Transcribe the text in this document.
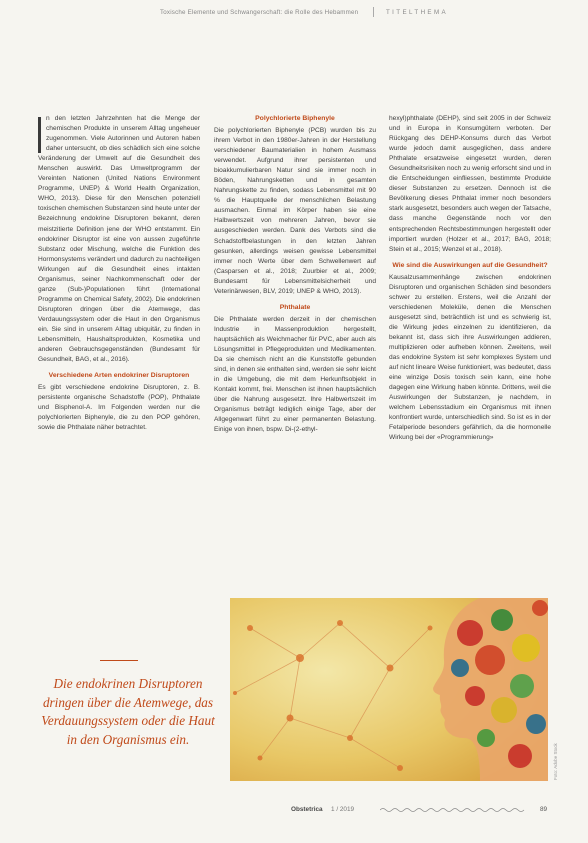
Toxische Elemente und Schwangerschaft: die Rolle des Hebammen	TITELTHEMA

n den letzten Jahrzehnten hat die Menge der chemischen Produkte in unserem Alltag ungeheuer zugenommen. Viele Autorinnen und Autoren haben daher untersucht, ob dies schädlich sich eine solche Veränderung der Umwelt auf die Gesundheit des Menschen auswirkt. Das Umweltprogramm der Vereinten Nationen (United Nations Environment Programme, UNEP) & World Health Organization, WHO, 2013). Diese für den Menschen potenziell toxischen chemischen Substanzen sind heute unter der Bezeichnung endokrine Disruptoren bekannt, deren meistzitierte Definition jene der WHO entstammt. Ein endokriner Disruptor ist eine von aussen zugeführte Substanz oder Mischung, welche die Funktion des Hormonsystems verändert und dadurch zu nachteiligen Wirkungen auf die Gesundheit eines intakten Organismus, seiner Nachkommenschaft oder der ganze (Sub-)Populationen führt (International Programme on Chemical Safety, 2002). Die endokrinen Disruptoren dringen über die Atemwege, das Verdauungssystem oder die Haut in den Organismus ein. Sie sind in unserem Alltag ubiquitär, zu finden in Lebensmitteln, Haushaltsprodukten, Kosmetika und anderen Gebrauchsgegenständen (Bundesamt für Gesundheit, BAG, et al., 2016).

Verschiedene Arten endokriner Disruptoren

Es gibt verschiedene endokrine Disruptoren, z. B. persistente organische Schadstoffe (POP), Phthalate und Bisphenol-A. Im Folgenden werden nur die polychlorierten Biphenyle, die zu den POP gehören, sowie die Phthalate näher betrachtet.

Polychlorierte Biphenyle

Die polychlorierten Biphenyle (PCB) wurden bis zu ihrem Verbot in den 1980er-Jahren in der Herstellung verschiedener Baumaterialien in hohem Ausmass verwendet. Aufgrund ihrer persistenten und bioakkumulierbaren Natur sind sie immer noch in Böden, Nahrungsketten und in gesamten Nahrungskette zu finden, sodass Lebensmittel mit 90 % die Hauptquelle der menschlichen Belastung ausmachen. Einmal im Körper haben sie eine Halbwertszeit von mehreren Jahren, bevor sie ausgeschieden werden. Dank des Verbots sind die Schadstoffbelastungen in den letzten Jahren gesunken, allerdings weisen gewisse Lebensmittel immer noch Werte über dem Schwellenwert auf (Casparsen et al., 2018; Zuurbier et al., 2009; Bundesamt für Lebensmittelsicherheit und Veterinärwesen, BLV, 2019; UNEP & WHO, 2013).

Phthalate

Die Phthalate werden derzeit in der chemischen Industrie in Massenproduktion hergestellt, hauptsächlich als Weichmacher für PVC, aber auch als Lösungsmittel in Pflegeprodukten und Medikamenten. Da sie chemisch nicht an die Kunststoffe gebunden sind, in denen sie enthalten sind, werden sie sehr leicht in die Umgebung, die mit dem Herkunftsobjekt in Kontakt kommt, frei. Menschen ist ihnen hauptsächlich über die Nahrung ausgesetzt. Ihre Halbwertszeit im Organismus beträgt lediglich einige Tage, aber der Allgegenwart führt zu einer permanenten Belastung. Einige von ihnen, bspw. Di-(2-ethyl-

hexyl)phthalate (DEHP), sind seit 2005 in der Schweiz und in Europa in Konsumgütern verboten. Der Rückgang des DEHP-Konsums durch das Verbot wurde jedoch damit ausgeglichen, dass andere Phthalate ersatzweise eingesetzt wurden, deren Gesundheitsrisiken noch zu wenig erforscht sind und in die Entscheidungen einfliessen, bestimmte Produkte dieser Substanzen zu ersetzen. Dennoch ist die Bevölkerung dieses Phthalat immer noch besonders stark ausgesetzt, besonders auch wegen der Tatsache, dass manche Gegenstände noch vor den entsprechenden Rechtsbestimmungen hergestellt oder importiert wurden (Holzer et al., 2017; BAG, 2018; Stein et al., 2015; Wenzel et al., 2018).

Wie sind die Auswirkungen auf die Gesundheit?

Kausalzusammenhänge zwischen endokrinen Disruptoren und organischen Schäden sind besonders schwer zu erstellen. Erstens, weil die Anzahl der verschiedenen Moleküle, denen die Menschen ausgesetzt sind, beträchtlich ist und es schwierig ist, die Wirkung jedes einzelnen zu identifizieren, da bekannt ist, dass sich ihre Auswirkungen addieren, multiplizieren oder aufheben können. Zweitens, weil das endokrine System ist sehr komplexes System und auf nicht lineare Weise funktioniert, was bedeutet, dass eine winzige Dosis toxisch sein kann, eine hohe dagegen eine Wirkung haben könnte. Drittens, weil die Auswirkungen der Substanzen, je nachdem, in welchem Lebensstadium ein Organismus mit ihnen konfrontiert wurde, unterschiedlich sind. So ist es in der Fetalperiode besonders gefährlich, da die hormonelle Wirkung bei der «Programmierung»

Die endokrinen Disruptoren dringen über die Atemwege, das Verdauungssystem oder die Haut in den Organismus ein.
Foto: Adobe Stock
Obstetrica 1 / 2019	89
